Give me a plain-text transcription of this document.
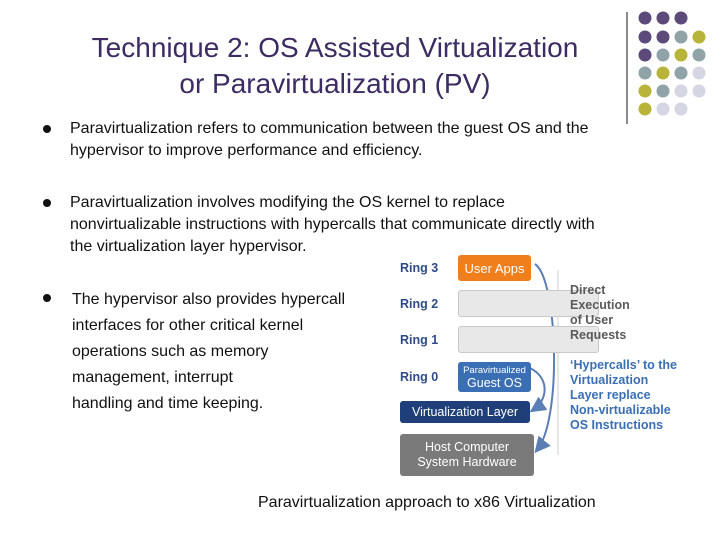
Technique 2: OS Assisted Virtualization
or Paravirtualization (PV)
Paravirtualization refers to communication between the guest OS and the
hypervisor to improve performance and efficiency.
Paravirtualization involves modifying the OS kernel to replace
nonvirtualizable instructions with hypercalls that communicate directly with
the virtualization layer hypervisor.
The hypervisor also provides hypercall
interfaces for other critical kernel
operations such as memory
management, interrupt
handling and time keeping.
Ring 3
Ring 2
Ring 1
Ring 0
User Apps
Paravirtualized
Guest OS
Virtualization Layer
Host Computer
System Hardware
Direct
Execution
of User
Requests
‘Hypercalls’ to the
Virtualization
Layer replace
Non-virtualizable
OS Instructions
Paravirtualization approach to x86 Virtualization
